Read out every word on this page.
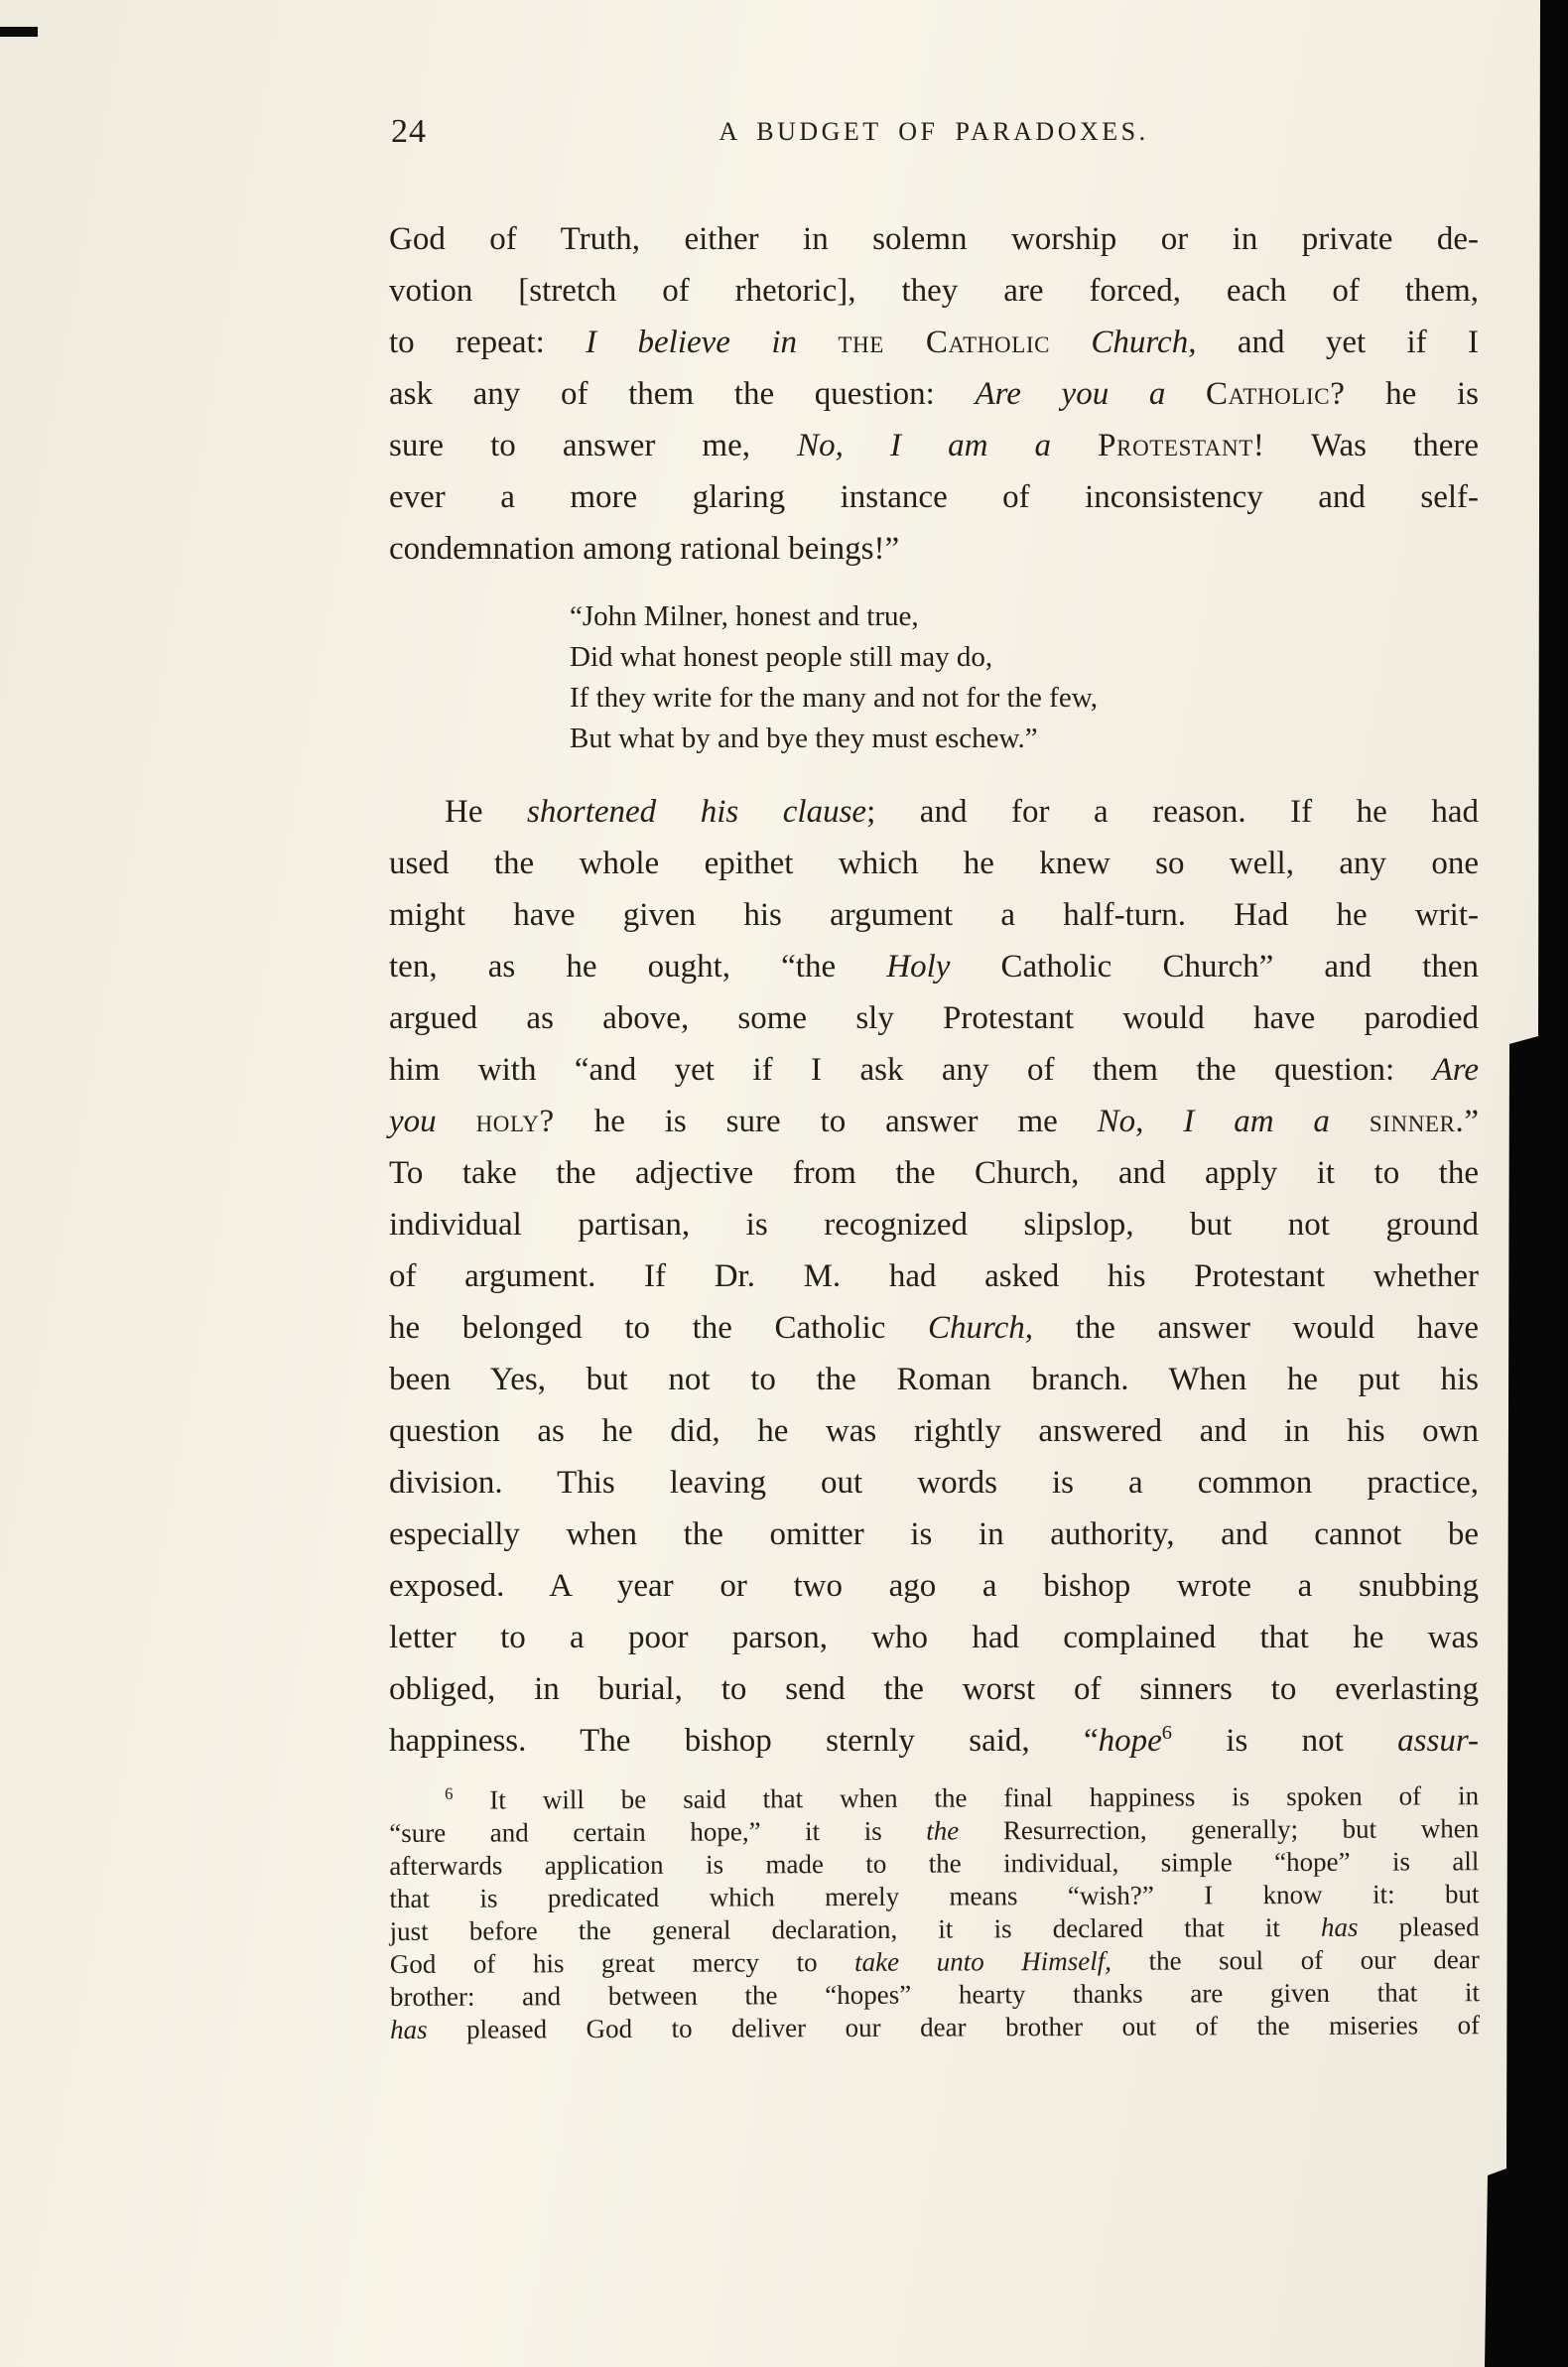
24	A BUDGET OF PARADOXES.
God of Truth, either in solemn worship or in private de-
votion [stretch of rhetoric], they are forced, each of them,
to repeat: I believe in the Catholic Church, and yet if I
ask any of them the question: Are you a Catholic? he is
sure to answer me, No, I am a Protestant! Was there
ever a more glaring instance of inconsistency and self-
condemnation among rational beings!”
“John Milner, honest and true,
Did what honest people still may do,
If they write for the many and not for the few,
But what by and bye they must eschew.”
He shortened his clause; and for a reason. If he had
used the whole epithet which he knew so well, any one
might have given his argument a half-turn. Had he writ-
ten, as he ought, “the Holy Catholic Church” and then
argued as above, some sly Protestant would have parodied
him with “and yet if I ask any of them the question: Are
you holy? he is sure to answer me No, I am a sinner.”
To take the adjective from the Church, and apply it to the
individual partisan, is recognized slipslop, but not ground
of argument. If Dr. M. had asked his Protestant whether
he belonged to the Catholic Church, the answer would have
been Yes, but not to the Roman branch. When he put his
question as he did, he was rightly answered and in his own
division. This leaving out words is a common practice,
especially when the omitter is in authority, and cannot be
exposed. A year or two ago a bishop wrote a snubbing
letter to a poor parson, who had complained that he was
obliged, in burial, to send the worst of sinners to everlasting
happiness. The bishop sternly said, “hope$^6$ is not assur-
$^6$ It will be said that when the final happiness is spoken of in
“sure and certain hope,” it is the Resurrection, generally; but when
afterwards application is made to the individual, simple “hope” is all
that is predicated which merely means “wish?” I know it: but
just before the general declaration, it is declared that it has pleased
God of his great mercy to take unto Himself, the soul of our dear
brother: and between the “hopes” hearty thanks are given that it
has pleased God to deliver our dear brother out of the miseries of
